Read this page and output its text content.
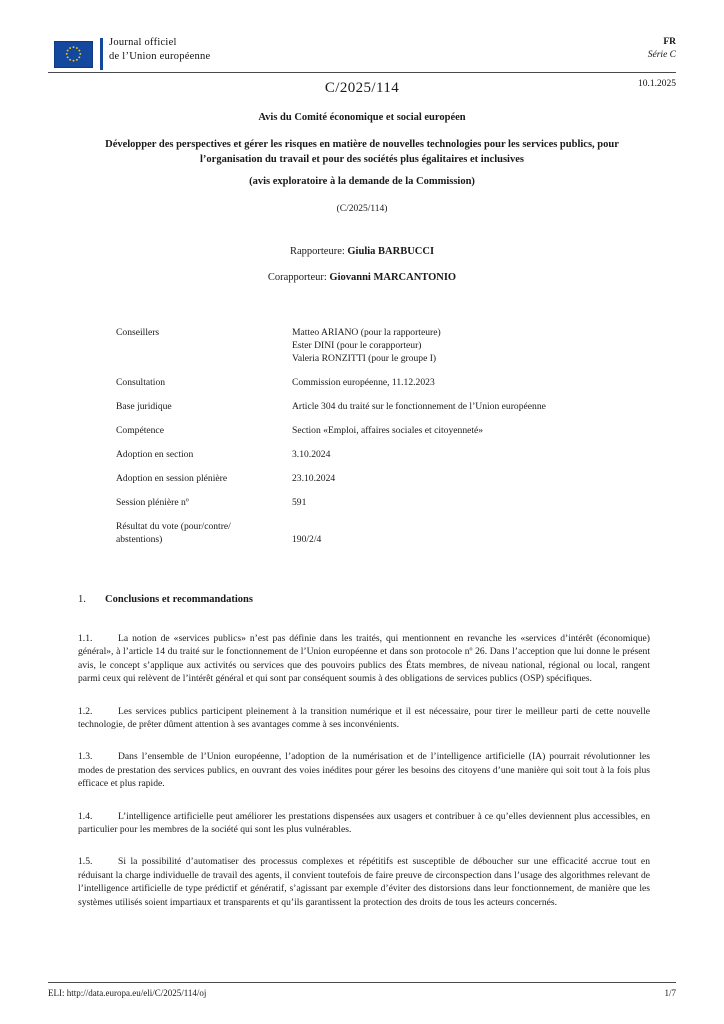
Journal officiel
de l’Union européenne
FR
Série C
10.1.2025
C/2025/114
Avis du Comité économique et social européen
Développer des perspectives et gérer les risques en matière de nouvelles technologies pour les services publics, pour l’organisation du travail et pour des sociétés plus égalitaires et inclusives
(avis exploratoire à la demande de la Commission)
(C/2025/114)
Rapporteure: Giulia BARBUCCI
Corapporteur: Giovanni MARCANTONIO
Conseillers	Matteo ARIANO (pour la rapporteure)
Ester DINI (pour le corapporteur)
Valeria RONZITTI (pour le groupe I)
Consultation	Commission européenne, 11.12.2023
Base juridique	Article 304 du traité sur le fonctionnement de l’Union européenne
Compétence	Section «Emploi, affaires sociales et citoyenneté»
Adoption en section	3.10.2024
Adoption en session plénière	23.10.2024
Session plénière nº	591
Résultat du vote (pour/contre/
abstentions)	190/2/4
1. Conclusions et recommandations

1.1.	La notion de «services publics» n’est pas définie dans les traités, qui mentionnent en revanche les «services d’intérêt (économique) général», à l’article 14 du traité sur le fonctionnement de l’Union européenne et dans son protocole nº 26. Dans l’acception que lui donne le présent avis, le concept s’applique aux activités ou services que des pouvoirs publics des États membres, de niveau national, régional ou local, rangent parmi ceux qui relèvent de l’intérêt général et qui sont par conséquent soumis à des obligations de services publics (OSP) spécifiques.

1.2.	Les services publics participent pleinement à la transition numérique et il est nécessaire, pour tirer le meilleur parti de cette nouvelle technologie, de prêter dûment attention à ses avantages comme à ses inconvénients.

1.3.	Dans l’ensemble de l’Union européenne, l’adoption de la numérisation et de l’intelligence artificielle (IA) pourrait révolutionner les modes de prestation des services publics, en ouvrant des voies inédites pour gérer les besoins des citoyens d’une manière qui soit tout à la fois plus efficace et plus rapide.

1.4.	L’intelligence artificielle peut améliorer les prestations dispensées aux usagers et contribuer à ce qu’elles deviennent plus accessibles, en particulier pour les membres de la société qui sont les plus vulnérables.

1.5.	Si la possibilité d’automatiser des processus complexes et répétitifs est susceptible de déboucher sur une efficacité accrue tout en réduisant la charge individuelle de travail des agents, il convient toutefois de faire preuve de circonspection dans l’usage des algorithmes relevant de l’intelligence artificielle de type prédictif et génératif, s’agissant par exemple d’éviter des distorsions dans leur fonctionnement, de manière que les systèmes utilisés soient impartiaux et transparents et qu’ils garantissent la protection des droits de tous les acteurs concernés.

ELI: http://data.europa.eu/eli/C/2025/114/oj	1/7
